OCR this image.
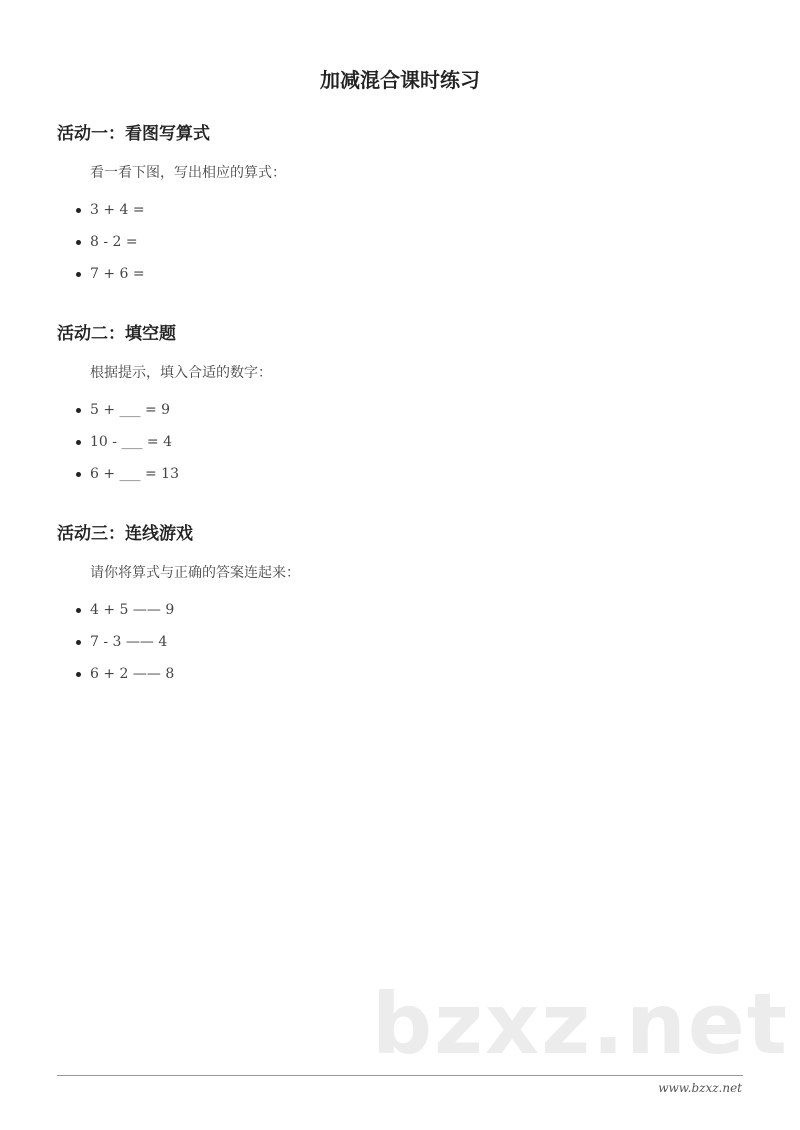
加减混合课时练习
活动一：看图写算式

看一看下图，写出相应的算式：

3 + 4 =
8 - 2 =
7 + 6 =
活动二：填空题

根据提示，填入合适的数字：

5 + ___ = 9
10 - ___ = 4
6 + ___ = 13
活动三：连线游戏

请你将算式与正确的答案连起来：

4 + 5 —— 9
7 - 3 —— 4
6 + 2 —— 8
bzxz.net
www.bzxz.net
